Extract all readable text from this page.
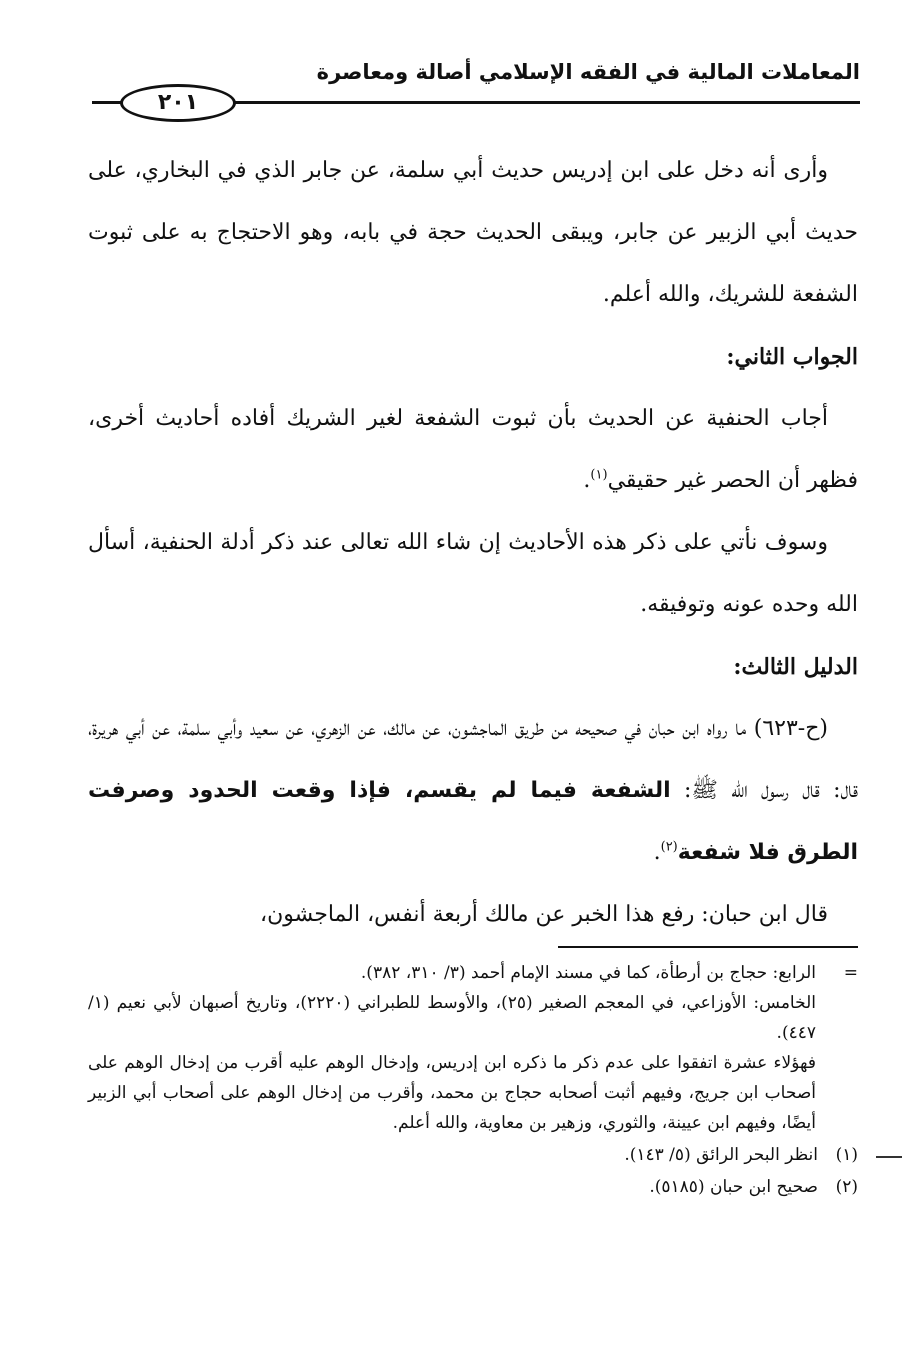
المعاملات المالية في الفقه الإسلامي أصالة ومعاصرة
٢٠١

وأرى أنه دخل على ابن إدريس حديث أبي سلمة، عن جابر الذي في البخاري، على حديث أبي الزبير عن جابر، ويبقى الحديث حجة في بابه، وهو الاحتجاج به على ثبوت الشفعة للشريك، والله أعلم.

الجواب الثاني:

أجاب الحنفية عن الحديث بأن ثبوت الشفعة لغير الشريك أفاده أحاديث أخرى، فظهر أن الحصر غير حقيقي$^{(١)}$.

وسوف نأتي على ذكر هذه الأحاديث إن شاء الله تعالى عند ذكر أدلة الحنفية، أسأل الله وحده عونه وتوفيقه.

الدليل الثالث:

(ح-٦٢٣) ما رواه ابن حبان في صحيحه من طريق الماجشون، عن مالك، عن الزهري، عن سعيد وأبي سلمة، عن أبي هريرة، قال: قال رسول الله ﷺ: الشفعة فيما لم يقسم، فإذا وقعت الحدود وصرفت الطرق فلا شفعة$^{(٢)}$.

قال ابن حبان: رفع هذا الخبر عن مالك أربعة أنفس، الماجشون،

=

الرابع: حجاج بن أرطأة، كما في مسند الإمام أحمد (٣/ ٣١٠، ٣٨٢).

الخامس: الأوزاعي، في المعجم الصغير (٢٥)، والأوسط للطبراني (٢٢٢٠)، وتاريخ أصبهان لأبي نعيم (١/ ٤٤٧).

فهؤلاء عشرة اتفقوا على عدم ذكر ما ذكره ابن إدريس، وإدخال الوهم عليه أقرب من إدخال الوهم على أصحاب ابن جريج، وفيهم أثبت أصحابه حجاج بن محمد، وأقرب من إدخال الوهم على أصحاب أبي الزبير أيضًا، وفيهم ابن عيينة، والثوري، وزهير بن معاوية، والله أعلم.

(١)انظر البحر الرائق (٥/ ١٤٣).

(٢)صحيح ابن حبان (٥١٨٥).
